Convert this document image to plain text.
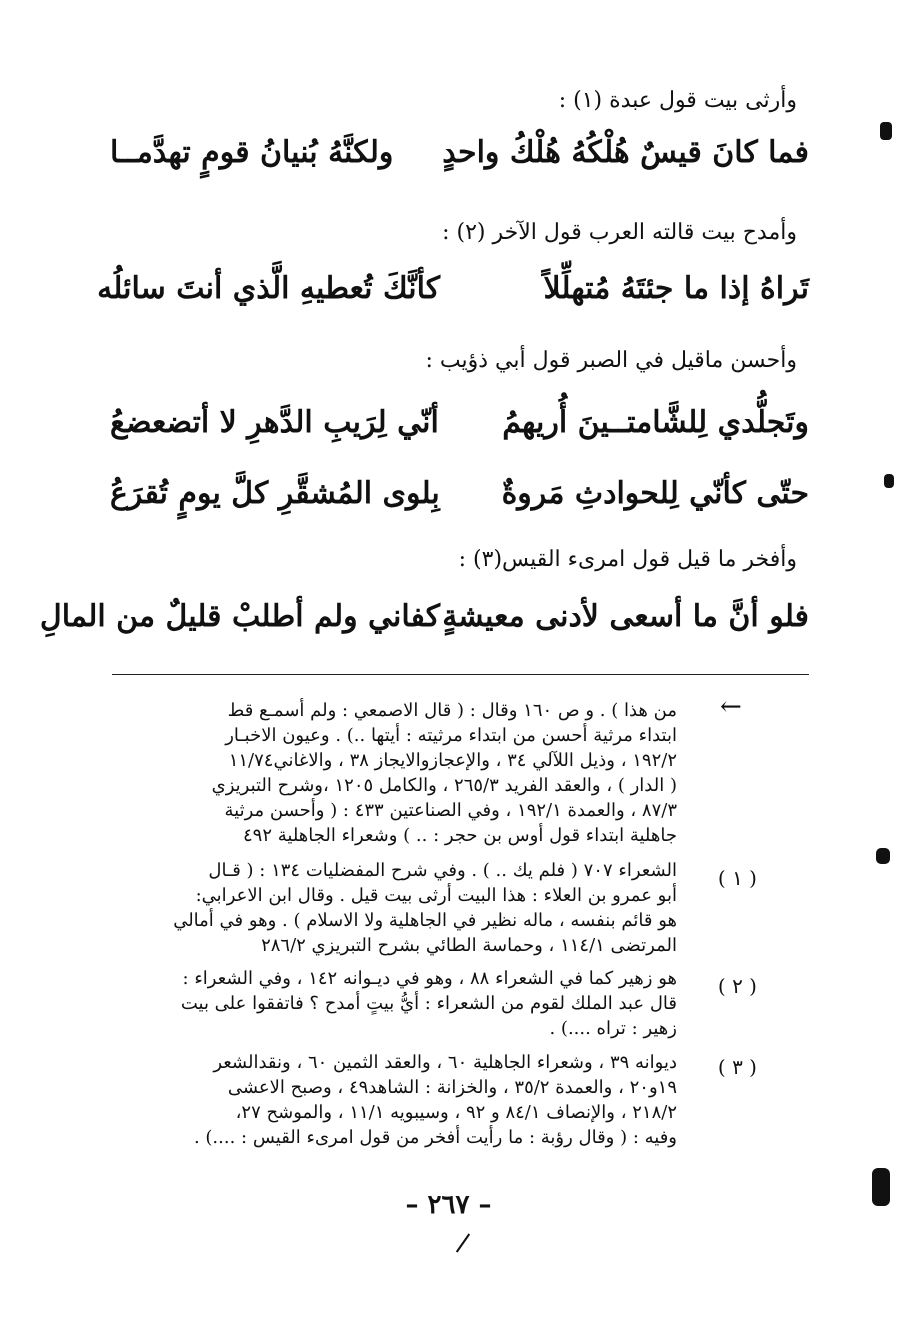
وأرثى بيت قول عبدة (١) :
فما كانَ قيسٌ هُلْكُهُ هُلْكُ واحدٍ
ولكنَّهُ بُنيانُ قومٍ تهدَّمــا
وأمدح بيت قالته العرب قول الآخر (٢) :
تَراهُ إذا ما جئتَهُ مُتهلِّلاً
كأنَّكَ تُعطيهِ الَّذي أنتَ سائلُه
وأحسن ماقيل في الصبر قول أبي ذؤيب :
وتَجلُّدي لِلشَّامتــينَ أُريهمُ
أنّي لِرَيبِ الدَّهرِ لا أتضعضعُ
حتّى كأنّي لِلحوادثِ مَروةٌ
بِلوى المُشقَّرِ كلَّ يومٍ تُقرَعُ
وأفخر ما قيل قول امرىء القيس(٣) :
فلو أنَّ ما أسعى لأدنى معيشةٍ
كفاني ولم أطلبْ قليلٌ من المالِ
←
من هذا ) . و ص ١٦٠ وقال : ( قال الاصمعي : ولم أسمـع قط
ابتداء مرثية أحسن من ابتداء مرثيته : أيتها ..) . وعيون الاخبـار
١٩٢/٢ ، وذيل اللآلي ٣٤ ، والإعجازوالايجاز ٣٨ ، والاغاني١١/٧٤
( الدار ) ، والعقد الفريد ٢٦٥/٣ ، والكامل ١٢٠٥ ،وشرح التبريزي
٨٧/٣ ، والعمدة ١٩٢/١ ، وفي الصناعتين ٤٣٣ : ( وأحسن مرثية
جاهلية ابتداء قول أوس بن حجر : .. ) وشعراء الجاهلية ٤٩٢
( ١ )
الشعراء ٧٠٧ ( فلم يك .. ) . وفي شرح المفضليات ١٣٤ : ( قـال
أبو عمرو بن العلاء : هذا البيت أرثى بيت قيل . وقال ابن الاعرابي:
هو قائم بنفسه ، ماله نظير في الجاهلية ولا الاسلام ) . وهو في أمالي
المرتضى ١١٤/١ ، وحماسة الطائي بشرح التبريزي ٢٨٦/٢
( ٢ )
هو زهير كما في الشعراء ٨٨ ، وهو في ديـوانه ١٤٢ ، وفي الشعراء :
قال عبد الملك لقوم من الشعراء : أيُّ بيتٍ أمدح ؟ فاتفقوا على بيت
زهير : تراه ....) .
( ٣ )
ديوانه ٣٩ ، وشعراء الجاهلية ٦٠ ، والعقد الثمين ٦٠ ، ونقدالشعر
١٩و٢٠ ، والعمدة ٣٥/٢ ، والخزانة : الشاهد٤٩ ، وصبح الاعشى
٢١٨/٢ ، والإنصاف ٨٤/١ و ٩٢ ، وسيبويه ١١/١ ، والموشح ٢٧،
وفيه : ( وقال رؤبة : ما رأيت أفخر من قول امرىء القيس : ....) .
– ٢٦٧ –
